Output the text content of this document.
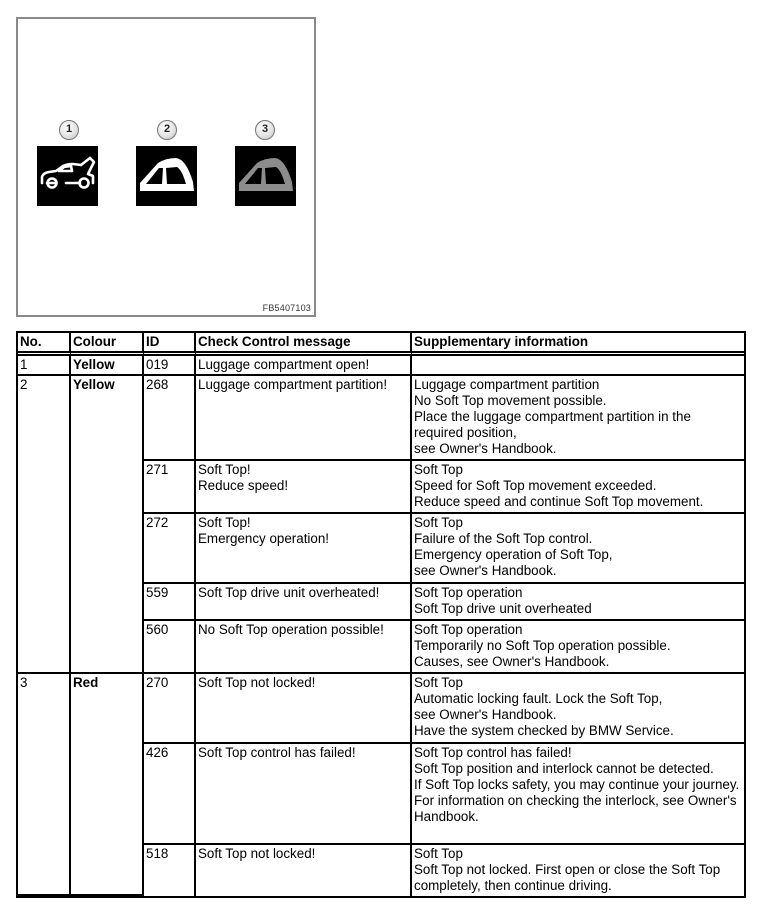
1	2	3
FB5407103
No.	Colour	ID	Check Control message	Supplementary information
1	Yellow	019	Luggage compartment open!	

2	Yellow	268	Luggage compartment partition!	Luggage compartment partition
No Soft Top movement possible.
Place the luggage compartment partition in the required position,
see Owner's Handbook.

		271	Soft Top!
Reduce speed!	Soft Top
Speed for Soft Top movement exceeded.
Reduce speed and continue Soft Top movement.

		272	Soft Top!
Emergency operation!	Soft Top
Failure of the Soft Top control.
Emergency operation of Soft Top,
see Owner's Handbook.

		559	Soft Top drive unit overheated!	Soft Top operation
Soft Top drive unit overheated

		560	No Soft Top operation possible!	Soft Top operation
Temporarily no Soft Top operation possible.
Causes, see Owner's Handbook.

3	Red	270	Soft Top not locked!	Soft Top
Automatic locking fault. Lock the Soft Top,
see Owner's Handbook.
Have the system checked by BMW Service.

		426	Soft Top control has failed!	Soft Top control has failed!
Soft Top position and interlock cannot be detected.
If Soft Top locks safety, you may continue your journey. For information on checking the interlock, see Owner's Handbook.

		518	Soft Top not locked!	Soft Top
Soft Top not locked. First open or close the Soft Top completely, then continue driving.
